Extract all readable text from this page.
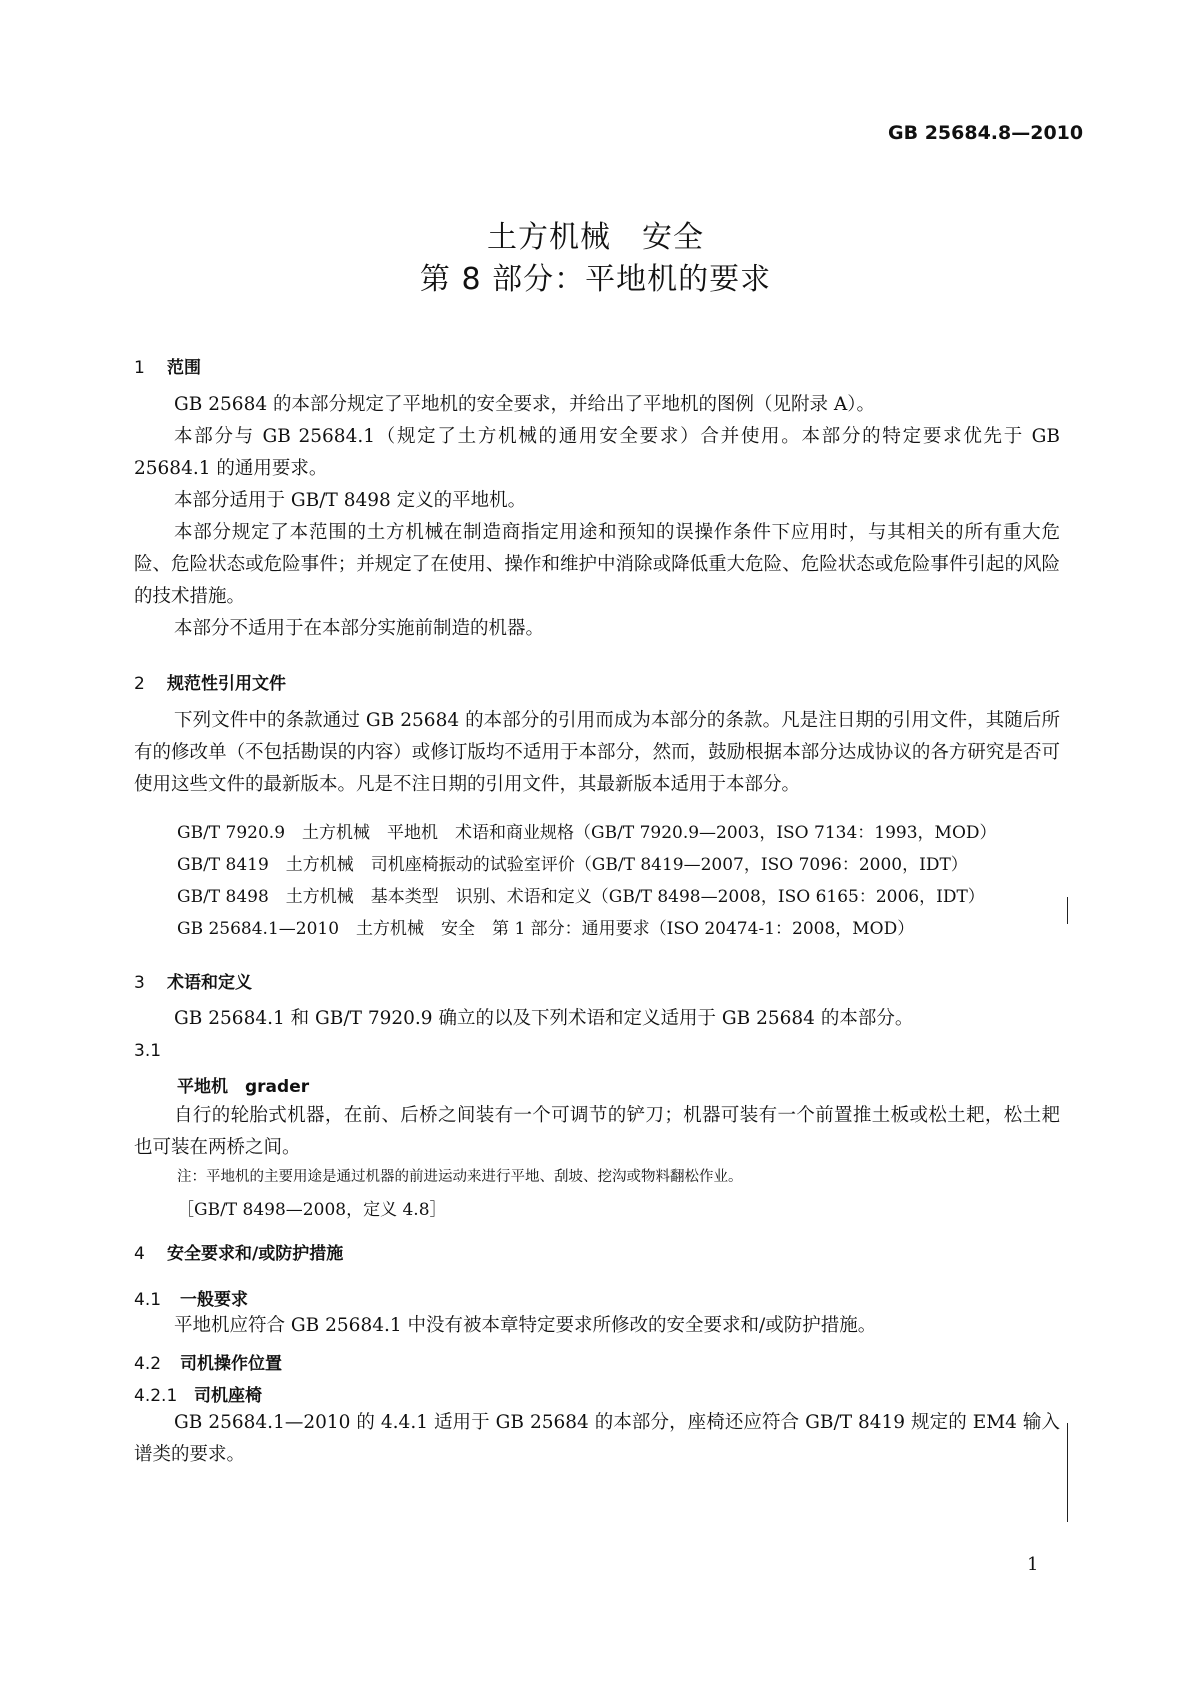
GB 25684.8—2010
土方机械　安全
第 8 部分：平地机的要求
1 范围
GB 25684 的本部分规定了平地机的安全要求，并给出了平地机的图例（见附录 A）。
本部分与 GB 25684.1（规定了土方机械的通用安全要求）合并使用。本部分的特定要求优先于 GB 25684.1 的通用要求。
本部分适用于 GB/T 8498 定义的平地机。
本部分规定了本范围的土方机械在制造商指定用途和预知的误操作条件下应用时，与其相关的所有重大危险、危险状态或危险事件；并规定了在使用、操作和维护中消除或降低重大危险、危险状态或危险事件引起的风险的技术措施。
本部分不适用于在本部分实施前制造的机器。
2 规范性引用文件
下列文件中的条款通过 GB 25684 的本部分的引用而成为本部分的条款。凡是注日期的引用文件，其随后所有的修改单（不包括勘误的内容）或修订版均不适用于本部分，然而，鼓励根据本部分达成协议的各方研究是否可使用这些文件的最新版本。凡是不注日期的引用文件，其最新版本适用于本部分。
GB/T 7920.9　土方机械　平地机　术语和商业规格（GB/T 7920.9—2003，ISO 7134：1993，MOD）
GB/T 8419　土方机械　司机座椅振动的试验室评价（GB/T 8419—2007，ISO 7096：2000，IDT）
GB/T 8498　土方机械　基本类型　识别、术语和定义（GB/T 8498—2008，ISO 6165：2006，IDT）
GB 25684.1—2010　土方机械　安全　第 1 部分：通用要求（ISO 20474-1：2008，MOD）
3 术语和定义
GB 25684.1 和 GB/T 7920.9 确立的以及下列术语和定义适用于 GB 25684 的本部分。
3.1
平地机　grader
自行的轮胎式机器，在前、后桥之间装有一个可调节的铲刀；机器可装有一个前置推土板或松土耙，松土耙也可装在两桥之间。
注：平地机的主要用途是通过机器的前进运动来进行平地、刮坡、挖沟或物料翻松作业。
［GB/T 8498—2008，定义 4.8］
4 安全要求和/或防护措施
4.1 一般要求
平地机应符合 GB 25684.1 中没有被本章特定要求所修改的安全要求和/或防护措施。
4.2 司机操作位置
4.2.1 司机座椅
GB 25684.1—2010 的 4.4.1 适用于 GB 25684 的本部分，座椅还应符合 GB/T 8419 规定的 EM4 输入谱类的要求。
1
